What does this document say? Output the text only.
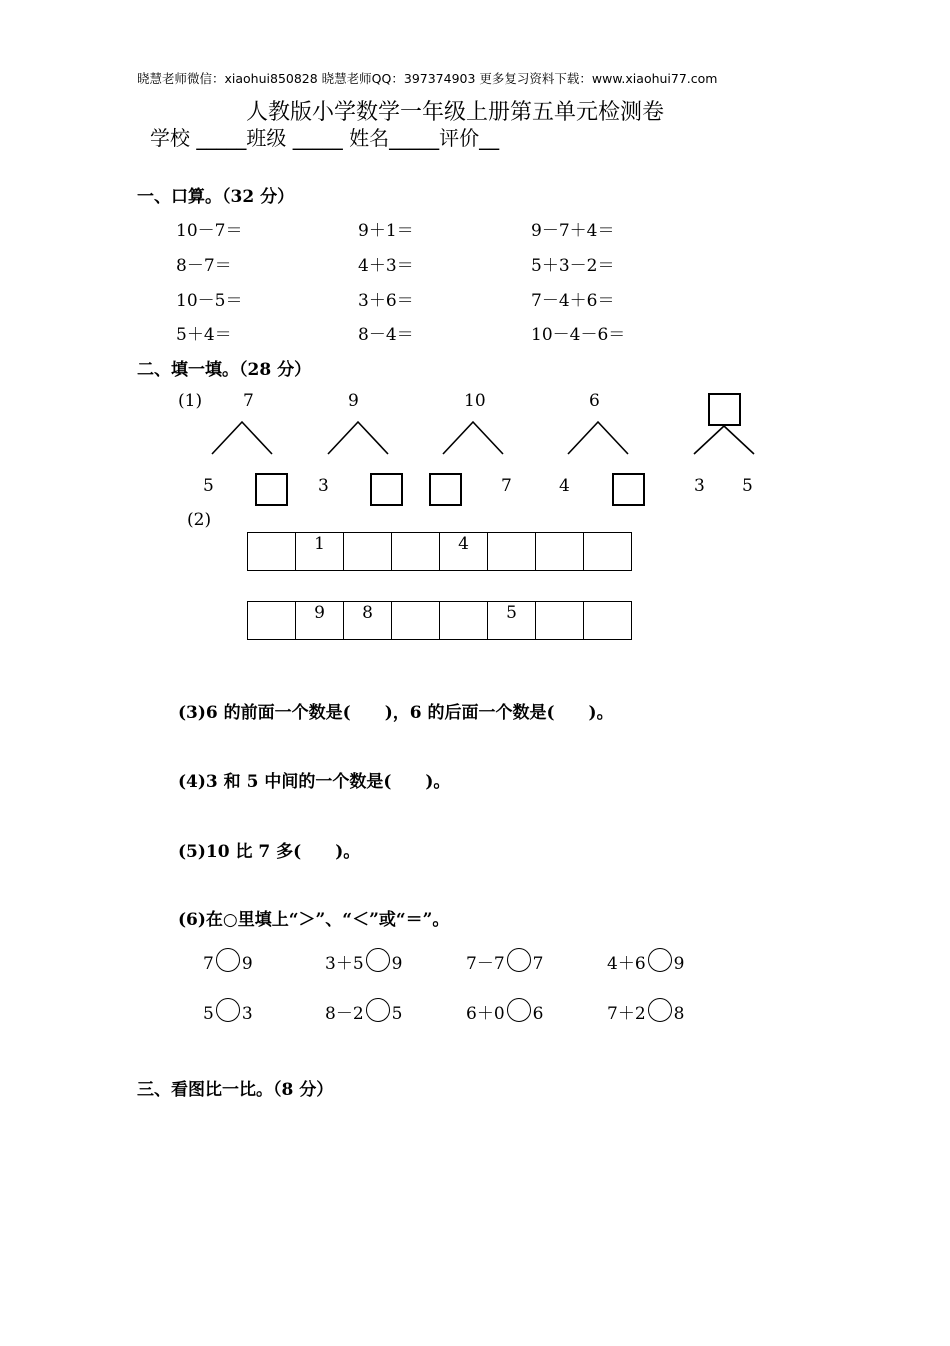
晓慧老师微信：xiaohui850828 晓慧老师QQ：397374903 更多复习资料下载：www.xiaohui77.com
人教版小学数学一年级上册第五单元检测卷
学校 _____班级 _____ 姓名_____评价__
一、口算。（32 分）
10－7＝	9＋1＝	9－7＋4＝
8－7＝	4＋3＝	5＋3－2＝
10－5＝	3＋6＝	7－4＋6＝
5＋4＝	8－4＝	10－4－6＝
二、填一填。（28 分）
(1) 7
5
9
3
10
7
6
4	3 5
(2)
	1			4			
	9	8			5		
(3)6 的前面一个数是(　　)，6 的后面一个数是(　　)。
(4)3 和 5 中间的一个数是(　　)。
(5)10 比 7 多(　　)。
(6)在○里填上“＞”、“＜”或“＝”。
7 9	3＋5 9	7－7 7	4＋6 9
5 3	8－2 5	6＋0 6	7＋2 8
三、看图比一比。（8 分）
